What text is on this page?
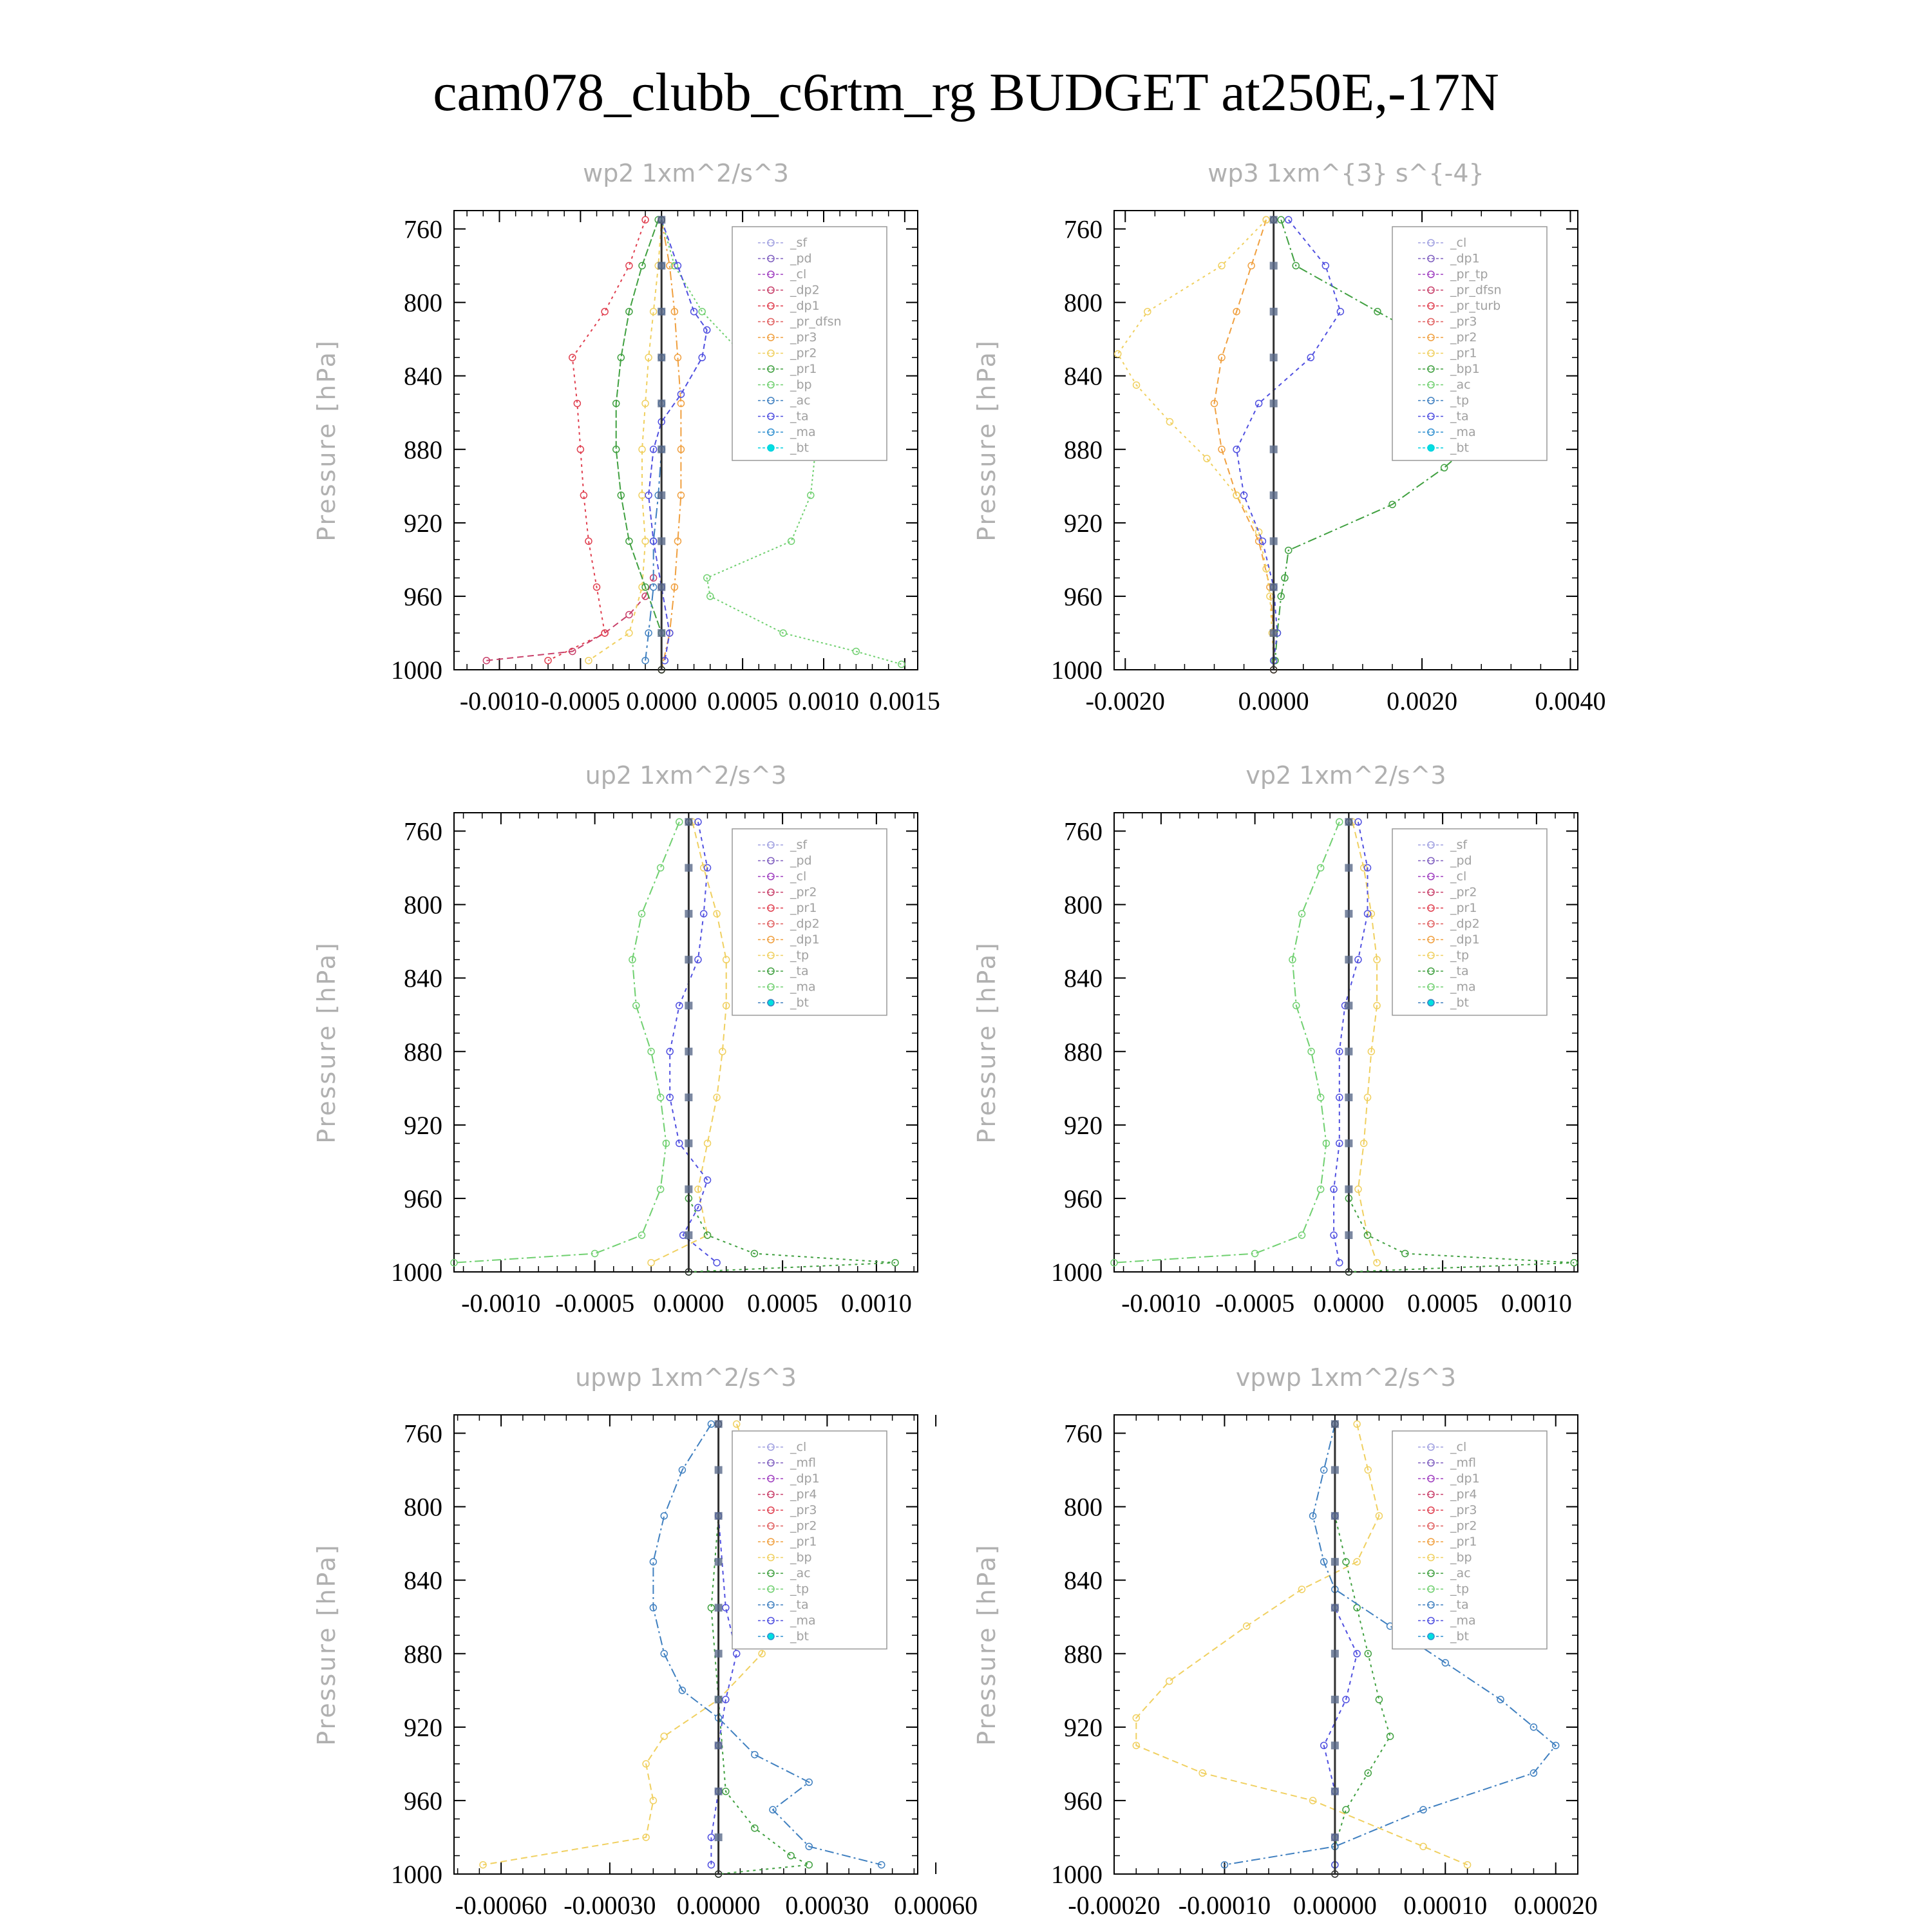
cam078_clubb_c6rtm_rg BUDGET at250E,-17N
wp2 1xm^2/s^3
Pressure [hPa]
760
800
840
880
920
960
1000
-0.0010 -0.0005 0.0000 0.0005 0.0010 0.0015
_sf
_pd
_cl
_dp2
_dp1
_pr_dfsn
_pr3
_pr2
_pr1
_bp
_ac
_ta
_ma
_bt
wp3 1xm^{3} s^{-4}
Pressure [hPa]
760
800
840
880
920
960
1000
-0.0020	0.0000	0.0020	0.0040
_cl
_dp1
_pr_tp
_pr_dfsn
_pr_turb
_pr3
_pr2
_pr1
_bp1
_ac
_tp
_ta
_ma
_bt
up2 1xm^2/s^3
Pressure [hPa]
760
800
840
880
920
960
1000
-0.0010 -0.0005 0.0000 0.0005 0.0010
_sf
_pd
_cl
_pr2
_pr1
_dp2
_dp1
_tp
_ta
_ma
_bt
vp2 1xm^2/s^3
Pressure [hPa]
760
800
840
880
920
960
1000
-0.0010 -0.0005 0.0000 0.0005 0.0010
_sf
_pd
_cl
_pr2
_pr1
_dp2
_dp1
_tp
_ta
_ma
_bt
upwp 1xm^2/s^3
Pressure [hPa]
760
800
840
880
920
960
1000
-0.00060 -0.00030 0.00000 0.00030 0.00060
_cl
_mfl
_dp1
_pr4
_pr3
_pr2
_pr1
_bp
_ac
_tp
_ta
_ma
_bt
vpwp 1xm^2/s^3
Pressure [hPa]
760
800
840
880
920
960
1000
-0.00020 -0.00010 0.00000 0.00010 0.00020
_cl
_mfl
_dp1
_pr4
_pr3
_pr2
_pr1
_bp
_ac
_tp
_ta
_ma
_bt
